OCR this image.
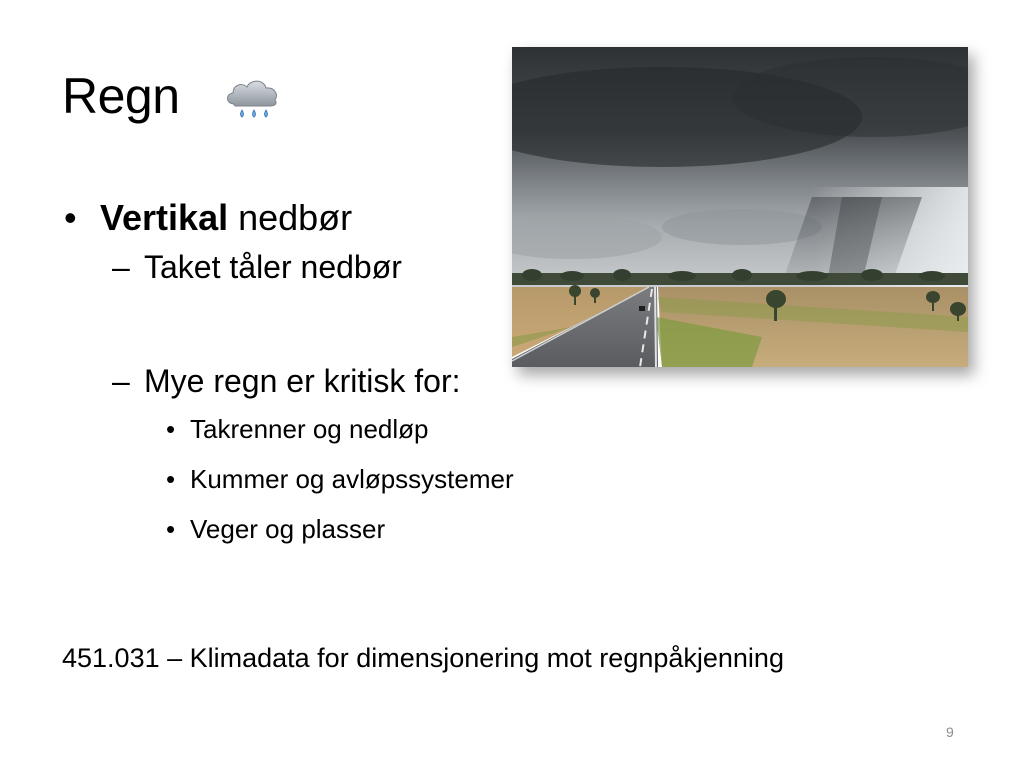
Regn
• Vertikal nedbør
– Taket tåler nedbør
– Mye regn er kritisk for:
• Takrenner og nedløp
• Kummer og avløpssystemer
• Veger og plasser
451.031 – Klimadata for dimensjonering mot regnpåkjenning
9
